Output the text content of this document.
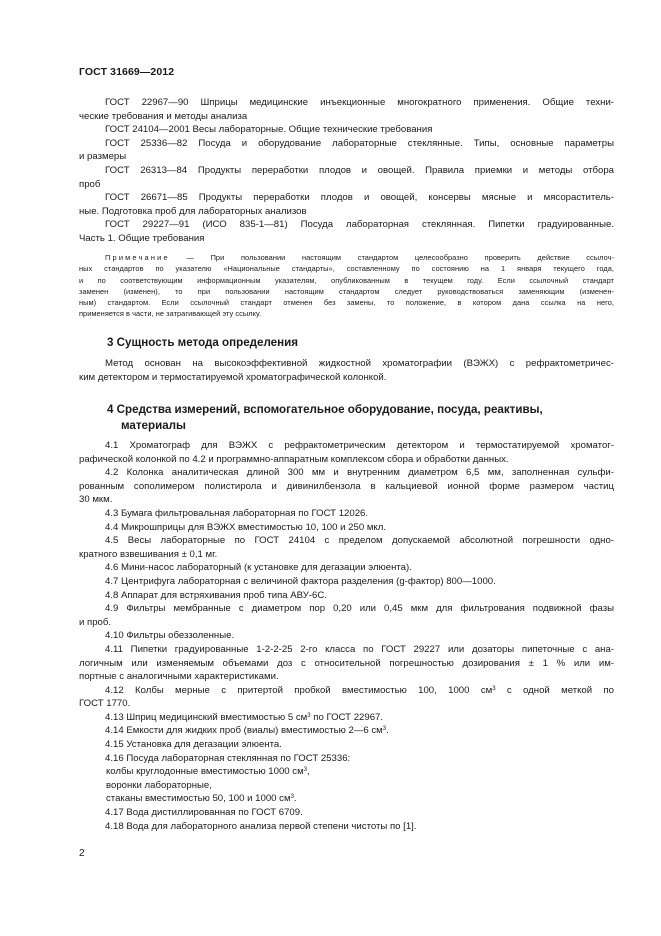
ГОСТ 31669—2012

ГОСТ 22967—90 Шприцы медицинские инъекционные многократного применения. Общие техни-

ческие требования и методы анализа

ГОСТ 24104—2001 Весы лабораторные. Общие технические требования

ГОСТ 25336—82 Посуда и оборудование лабораторные стеклянные. Типы, основные параметры

и размеры

ГОСТ 26313—84 Продукты переработки плодов и овощей. Правила приемки и методы отбора

проб

ГОСТ 26671—85 Продукты переработки плодов и овощей, консервы мясные и мясораститель-

ные. Подготовка проб для лабораторных анализов

ГОСТ 29227—91 (ИСО 835-1—81) Посуда лабораторная стеклянная. Пипетки градуированные.

Часть 1. Общие требования

Примечание — При пользовании настоящим стандартом целесообразно проверить действие ссылоч-

ных стандартов по указателю «Национальные стандарты», составленному по состоянию на 1 января текущего года,

и по соответствующим информационным указателям, опубликованным в текущем году. Если ссылочный стандарт

заменен (изменен), то при пользовании настоящим стандартом следует руководствоваться заменяющим (изменен-

ным) стандартом. Если ссылочный стандарт отменен без замены, то положение, в котором дана ссылка на него,

применяется в части, не затрагивающей эту ссылку.

3 Сущность метода определения

Метод основан на высокоэффективной жидкостной хроматографии (ВЭЖХ) с рефрактометричес-

ким детектором и термостатируемой хроматографической колонкой.

4 Средства измерений, вспомогательное оборудование, посуда, реактивы,
материалы

4.1 Хроматограф для ВЭЖХ с рефрактометрическим детектором и термостатируемой хроматог-

рафической колонкой по 4.2 и программно-аппаратным комплексом сбора и обработки данных.

4.2 Колонка аналитическая длиной 300 мм и внутренним диаметром 6,5 мм, заполненная сульфи-

рованным сополимером полистирола и дивинилбензола в кальциевой ионной форме размером частиц

30 мкм.

4.3 Бумага фильтровальная лабораторная по ГОСТ 12026.

4.4 Микрошприцы для ВЭЖХ вместимостью 10, 100 и 250 мкл.

4.5 Весы лабораторные по ГОСТ 24104 с пределом допускаемой абсолютной погрешности одно-

кратного взвешивания ± 0,1 мг.

4.6 Мини-насос лабораторный (к установке для дегазации элюента).

4.7 Центрифуга лабораторная с величиной фактора разделения (g-фактор) 800—1000.

4.8 Аппарат для встряхивания проб типа АВУ-6С.

4.9 Фильтры мембранные с диаметром пор 0,20 или 0,45 мкм для фильтрования подвижной фазы

и проб.

4.10 Фильтры обеззоленные.

4.11 Пипетки градуированные 1-2-2-25 2-го класса по ГОСТ 29227 или дозаторы пипеточные с ана-

логичным или изменяемым объемами доз с относительной погрешностью дозирования ± 1 % или им-

портные с аналогичными характеристиками.

4.12 Колбы мерные с притертой пробкой вместимостью 100, 1000 $см^3$ с одной меткой по

ГОСТ 1770.

4.13 Шприц медицинский вместимостью 5 $см^3$ по ГОСТ 22967.

4.14 Емкости для жидких проб (виалы) вместимостью 2—6 $см^3$.

4.15 Установка для дегазации элюента.

4.16 Посуда лабораторная стеклянная по ГОСТ 25336:

колбы круглодонные вместимостью 1000 $см^3$,

воронки лабораторные,

стаканы вместимостью 50, 100 и 1000 $см^3$.

4.17 Вода дистиллированная по ГОСТ 6709.

4.18 Вода для лабораторного анализа первой степени чистоты по [1].

2
